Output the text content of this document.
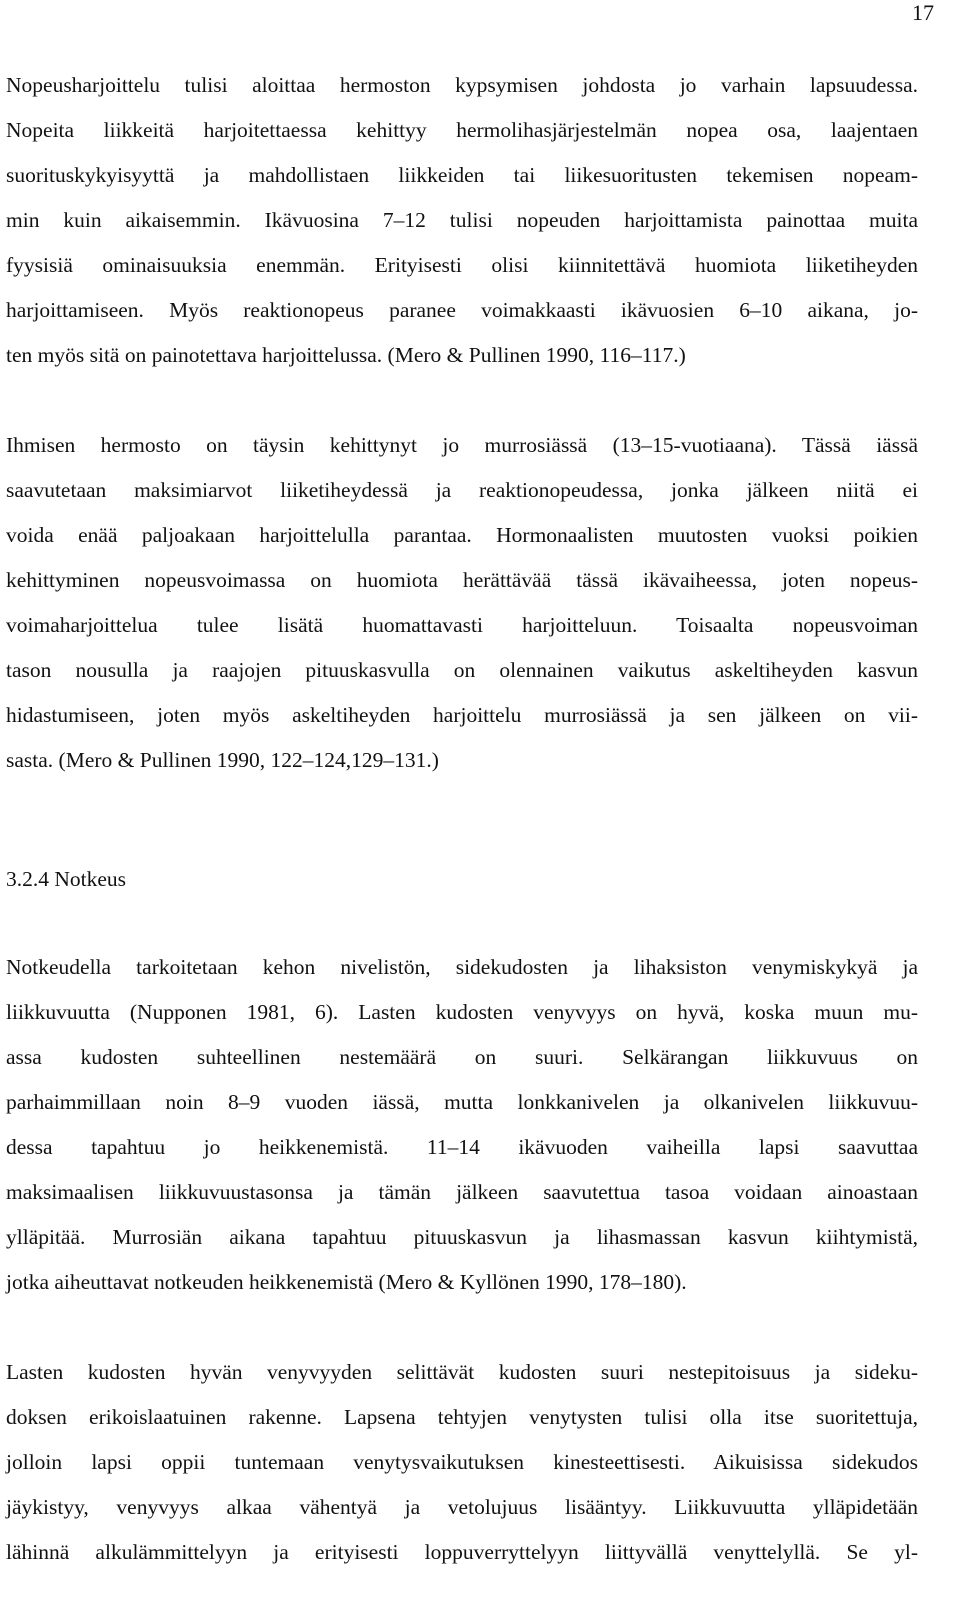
17
Nopeusharjoittelu tulisi aloittaa hermoston kypsymisen johdosta jo varhain lapsuudessa.
Nopeita liikkeitä harjoitettaessa kehittyy hermolihasjärjestelmän nopea osa, laajentaen
suorituskykyisyyttä ja mahdollistaen liikkeiden tai liikesuoritusten tekemisen nopeam-
min kuin aikaisemmin. Ikävuosina 7–12 tulisi nopeuden harjoittamista painottaa muita
fyysisiä ominaisuuksia enemmän. Erityisesti olisi kiinnitettävä huomiota liiketiheyden
harjoittamiseen. Myös reaktionopeus paranee voimakkaasti ikävuosien 6–10 aikana, jo-
ten myös sitä on painotettava harjoittelussa. (Mero & Pullinen 1990, 116–117.)
Ihmisen hermosto on täysin kehittynyt jo murrosiässä (13–15-vuotiaana). Tässä iässä
saavutetaan maksimiarvot liiketiheydessä ja reaktionopeudessa, jonka jälkeen niitä ei
voida enää paljoakaan harjoittelulla parantaa. Hormonaalisten muutosten vuoksi poikien
kehittyminen nopeusvoimassa on huomiota herättävää tässä ikävaiheessa, joten nopeus-
voimaharjoittelua tulee lisätä huomattavasti harjoitteluun. Toisaalta nopeusvoiman
tason nousulla ja raajojen pituuskasvulla on olennainen vaikutus askeltiheyden kasvun
hidastumiseen, joten myös askeltiheyden harjoittelu murrosiässä ja sen jälkeen on vii-
sasta. (Mero & Pullinen 1990, 122–124,129–131.)
3.2.4 Notkeus
Notkeudella tarkoitetaan kehon nivelistön, sidekudosten ja lihaksiston venymiskykyä ja
liikkuvuutta (Nupponen 1981, 6). Lasten kudosten venyvyys on hyvä, koska muun mu-
assa kudosten suhteellinen nestemäärä on suuri. Selkärangan liikkuvuus on
parhaimmillaan noin 8–9 vuoden iässä, mutta lonkkanivelen ja olkanivelen liikkuvuu-
dessa tapahtuu jo heikkenemistä. 11–14 ikävuoden vaiheilla lapsi saavuttaa
maksimaalisen liikkuvuustasonsa ja tämän jälkeen saavutettua tasoa voidaan ainoastaan
ylläpitää. Murrosiän aikana tapahtuu pituuskasvun ja lihasmassan kasvun kiihtymistä,
jotka aiheuttavat notkeuden heikkenemistä (Mero & Kyllönen 1990, 178–180).
Lasten kudosten hyvän venyvyyden selittävät kudosten suuri nestepitoisuus ja sideku-
doksen erikoislaatuinen rakenne. Lapsena tehtyjen venytysten tulisi olla itse suoritettuja,
jolloin lapsi oppii tuntemaan venytysvaikutuksen kinesteettisesti. Aikuisissa sidekudos
jäykistyy, venyvyys alkaa vähentyä ja vetolujuus lisääntyy. Liikkuvuutta ylläpidetään
lähinnä alkulämmittelyyn ja erityisesti loppuverryttelyyn liittyvällä venyttelyllä. Se yl-
